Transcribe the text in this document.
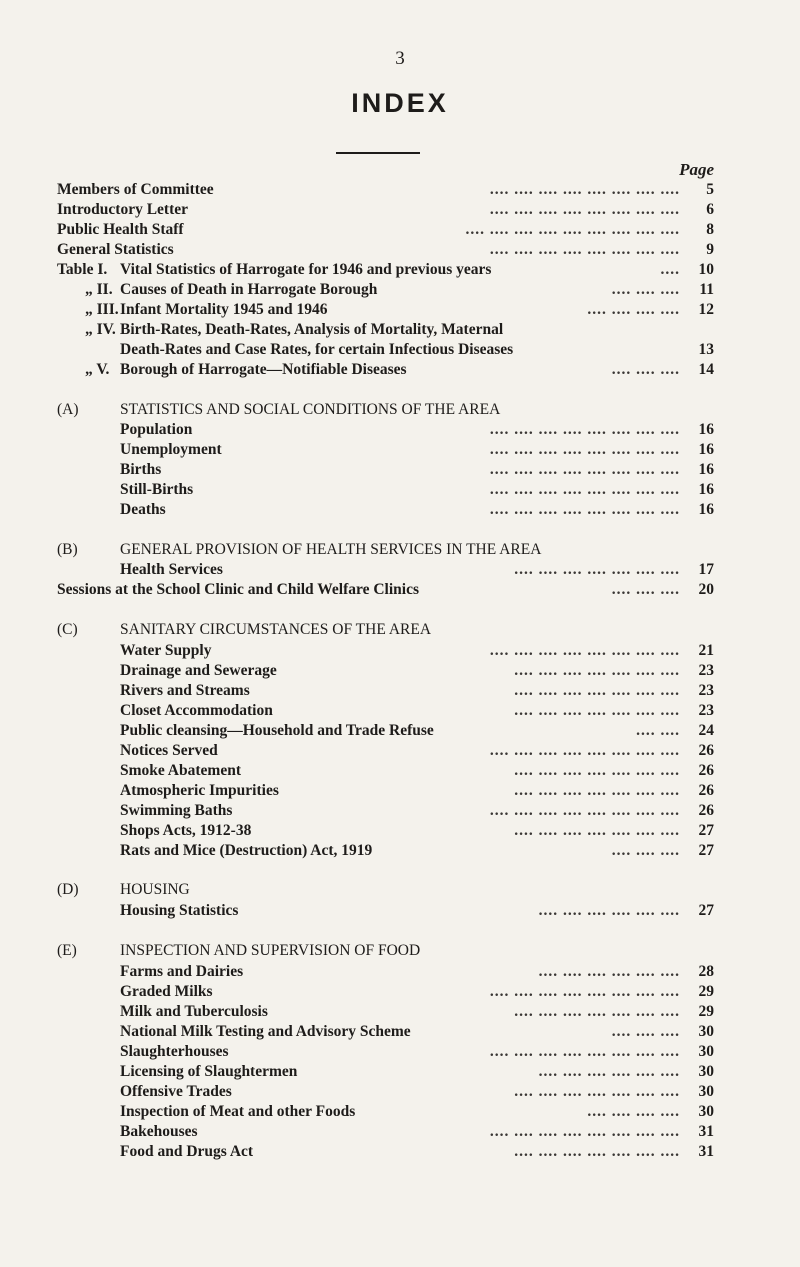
3
INDEX
Page
Members of Committee	.... .... .... .... .... .... .... .... 5
Introductory Letter	.... .... .... .... .... .... .... .... 6
Public Health Staff	.... .... .... .... .... .... .... .... .... 8
General Statistics	.... .... .... .... .... .... .... .... 9
Table I. Vital Statistics of Harrogate for 1946 and previous years	.... 10
„ II. Causes of Death in Harrogate Borough	.... .... .... 11
„ III.Infant Mortality 1945 and 1946	.... .... .... .... 12
„ IV. Birth-Rates, Death-Rates, Analysis of Mortality, Maternal
Death-Rates and Case Rates, for certain Infectious Diseases	13
„ V. Borough of Harrogate—Notifiable Diseases	.... .... .... 14
(A)	STATISTICS AND SOCIAL CONDITIONS OF THE AREA
Population	.... .... .... .... .... .... .... .... 16
Unemployment	.... .... .... .... .... .... .... .... 16
Births	.... .... .... .... .... .... .... .... 16
Still-Births	.... .... .... .... .... .... .... .... 16
Deaths	.... .... .... .... .... .... .... .... 16
(B)	GENERAL PROVISION OF HEALTH SERVICES IN THE AREA
Health Services	.... .... .... .... .... .... .... 17
Sessions at the School Clinic and Child Welfare Clinics	.... .... .... 20
(C)	SANITARY CIRCUMSTANCES OF THE AREA
Water Supply	.... .... .... .... .... .... .... .... 21
Drainage and Sewerage	.... .... .... .... .... .... .... 23
Rivers and Streams	.... .... .... .... .... .... .... 23
Closet Accommodation	.... .... .... .... .... .... .... 23
Public cleansing—Household and Trade Refuse	.... .... 24
Notices Served	.... .... .... .... .... .... .... .... 26
Smoke Abatement	.... .... .... .... .... .... .... 26
Atmospheric Impurities	.... .... .... .... .... .... .... 26
Swimming Baths	.... .... .... .... .... .... .... .... 26
Shops Acts, 1912-38	.... .... .... .... .... .... .... 27
Rats and Mice (Destruction) Act, 1919	.... .... .... 27
(D)	HOUSING
Housing Statistics	.... .... .... .... .... .... 27
(E)	INSPECTION AND SUPERVISION OF FOOD
Farms and Dairies	.... .... .... .... .... .... 28
Graded Milks	.... .... .... .... .... .... .... .... 29
Milk and Tuberculosis	.... .... .... .... .... .... .... 29
National Milk Testing and Advisory Scheme	.... .... .... 30
Slaughterhouses	.... .... .... .... .... .... .... .... 30
Licensing of Slaughtermen	.... .... .... .... .... .... 30
Offensive Trades	.... .... .... .... .... .... .... 30
Inspection of Meat and other Foods	.... .... .... .... 30
Bakehouses	.... .... .... .... .... .... .... .... 31
Food and Drugs Act	.... .... .... .... .... .... .... 31
